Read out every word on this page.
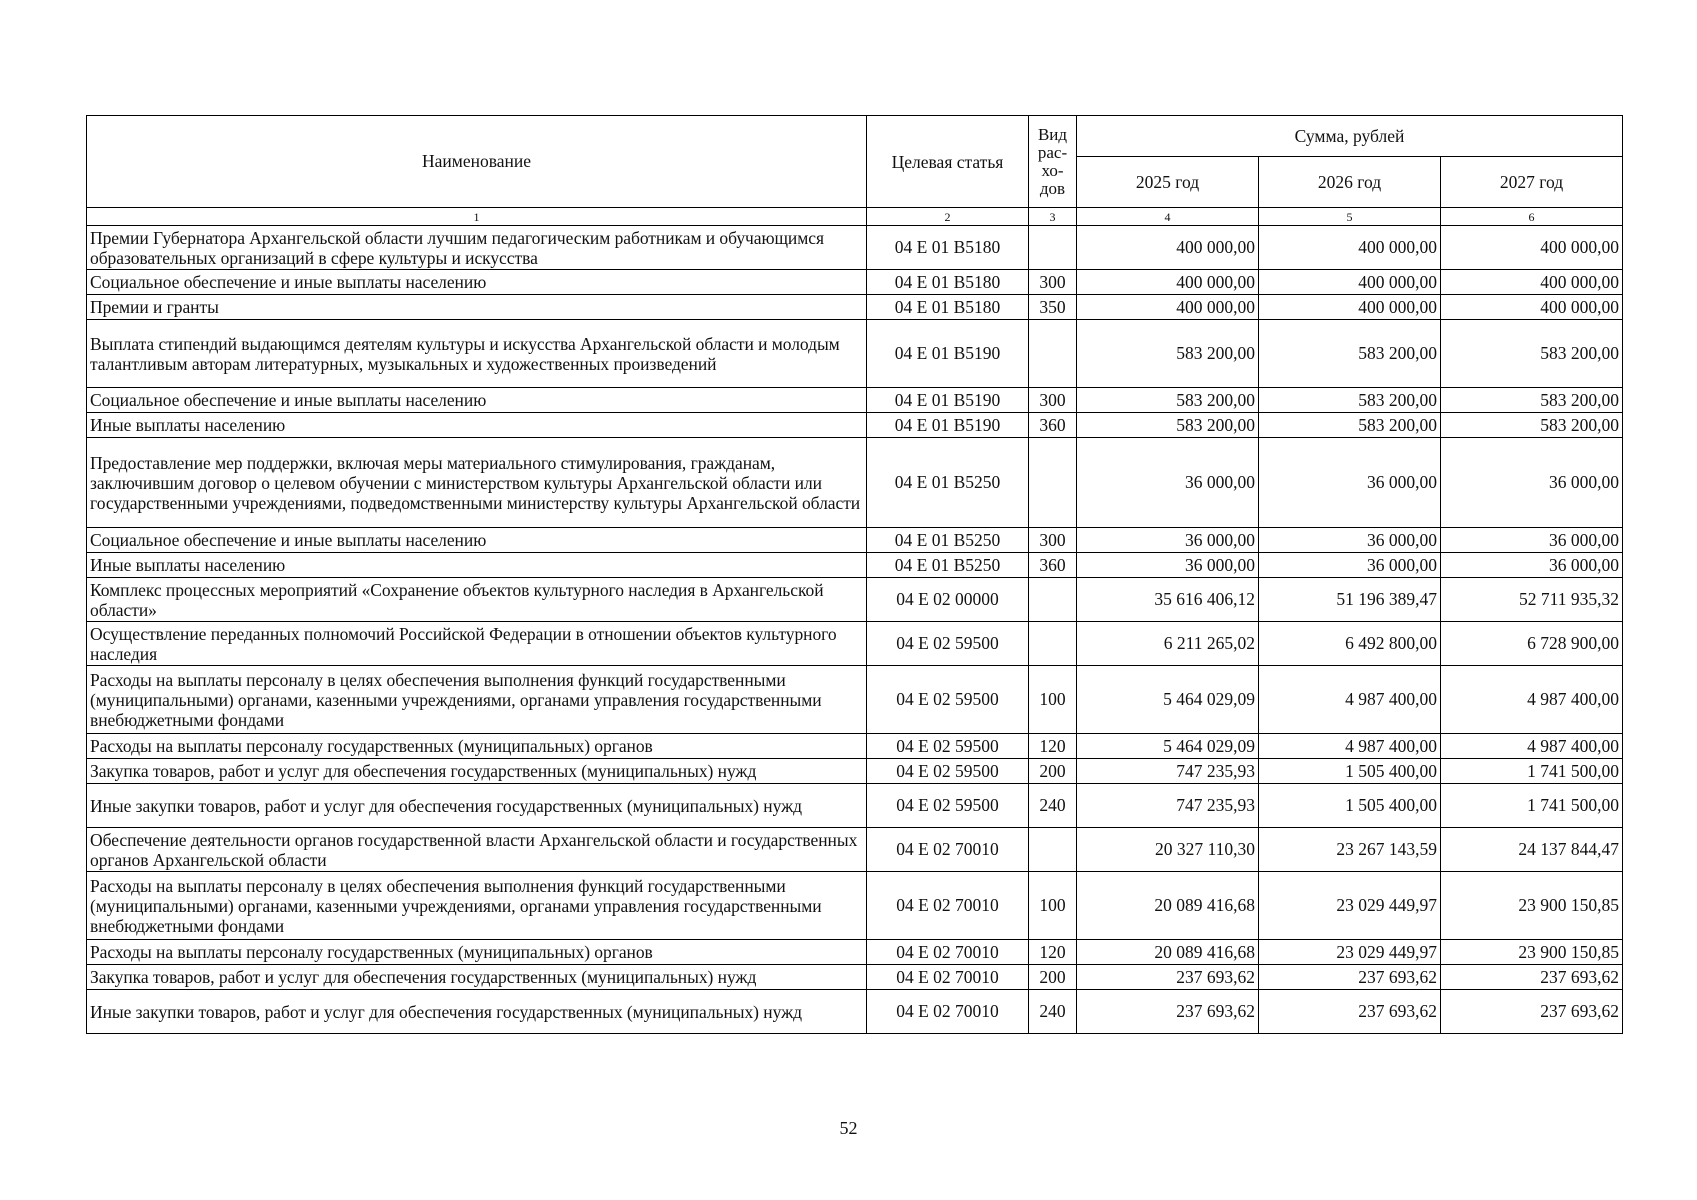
Наименование	Целевая статья	Вид
рас-
хо-
дов	Сумма, рублей		
			2025 год	2026 год	2027 год
1	2	3	4	5	6
Премии Губернатора Архангельской области лучшим педагогическим работникам и обучающимся образовательных организаций в сфере культуры и искусства	04 Е 01 В5180		400 000,00	400 000,00	400 000,00
Социальное обеспечение и иные выплаты населению	04 Е 01 В5180	300	400 000,00	400 000,00	400 000,00
Премии и гранты	04 Е 01 В5180	350	400 000,00	400 000,00	400 000,00
Выплата стипендий выдающимся деятелям культуры и искусства Архангельской области и молодым талантливым авторам литературных, музыкальных и художественных произведений	04 Е 01 В5190		583 200,00	583 200,00	583 200,00
Социальное обеспечение и иные выплаты населению	04 Е 01 В5190	300	583 200,00	583 200,00	583 200,00
Иные выплаты населению	04 Е 01 В5190	360	583 200,00	583 200,00	583 200,00
Предоставление мер поддержки, включая меры материального стимулирования, гражданам, заключившим договор о целевом обучении с министерством культуры Архангельской области или государственными учреждениями, подведомственными министерству культуры Архангельской области	04 Е 01 В5250		36 000,00	36 000,00	36 000,00
Социальное обеспечение и иные выплаты населению	04 Е 01 В5250	300	36 000,00	36 000,00	36 000,00
Иные выплаты населению	04 Е 01 В5250	360	36 000,00	36 000,00	36 000,00
Комплекс процессных мероприятий «Сохранение объектов культурного наследия в Архангельской области»	04 Е 02 00000		35 616 406,12	51 196 389,47	52 711 935,32
Осуществление переданных полномочий Российской Федерации в отношении объектов культурного наследия	04 Е 02 59500		6 211 265,02	6 492 800,00	6 728 900,00
Расходы на выплаты персоналу в целях обеспечения выполнения функций государственными (муниципальными) органами, казенными учреждениями, органами управления государственными внебюджетными фондами	04 Е 02 59500	100	5 464 029,09	4 987 400,00	4 987 400,00
Расходы на выплаты персоналу государственных (муниципальных) органов	04 Е 02 59500	120	5 464 029,09	4 987 400,00	4 987 400,00
Закупка товаров, работ и услуг для обеспечения государственных (муниципальных) нужд	04 Е 02 59500	200	747 235,93	1 505 400,00	1 741 500,00
Иные закупки товаров, работ и услуг для обеспечения государственных (муниципальных) нужд	04 Е 02 59500	240	747 235,93	1 505 400,00	1 741 500,00
Обеспечение деятельности органов государственной власти Архангельской области и государственных органов Архангельской области	04 Е 02 70010		20 327 110,30	23 267 143,59	24 137 844,47
Расходы на выплаты персоналу в целях обеспечения выполнения функций государственными (муниципальными) органами, казенными учреждениями, органами управления государственными внебюджетными фондами	04 Е 02 70010	100	20 089 416,68	23 029 449,97	23 900 150,85
Расходы на выплаты персоналу государственных (муниципальных) органов	04 Е 02 70010	120	20 089 416,68	23 029 449,97	23 900 150,85
Закупка товаров, работ и услуг для обеспечения государственных (муниципальных) нужд	04 Е 02 70010	200	237 693,62	237 693,62	237 693,62
Иные закупки товаров, работ и услуг для обеспечения государственных (муниципальных) нужд	04 Е 02 70010	240	237 693,62	237 693,62	237 693,62
52
